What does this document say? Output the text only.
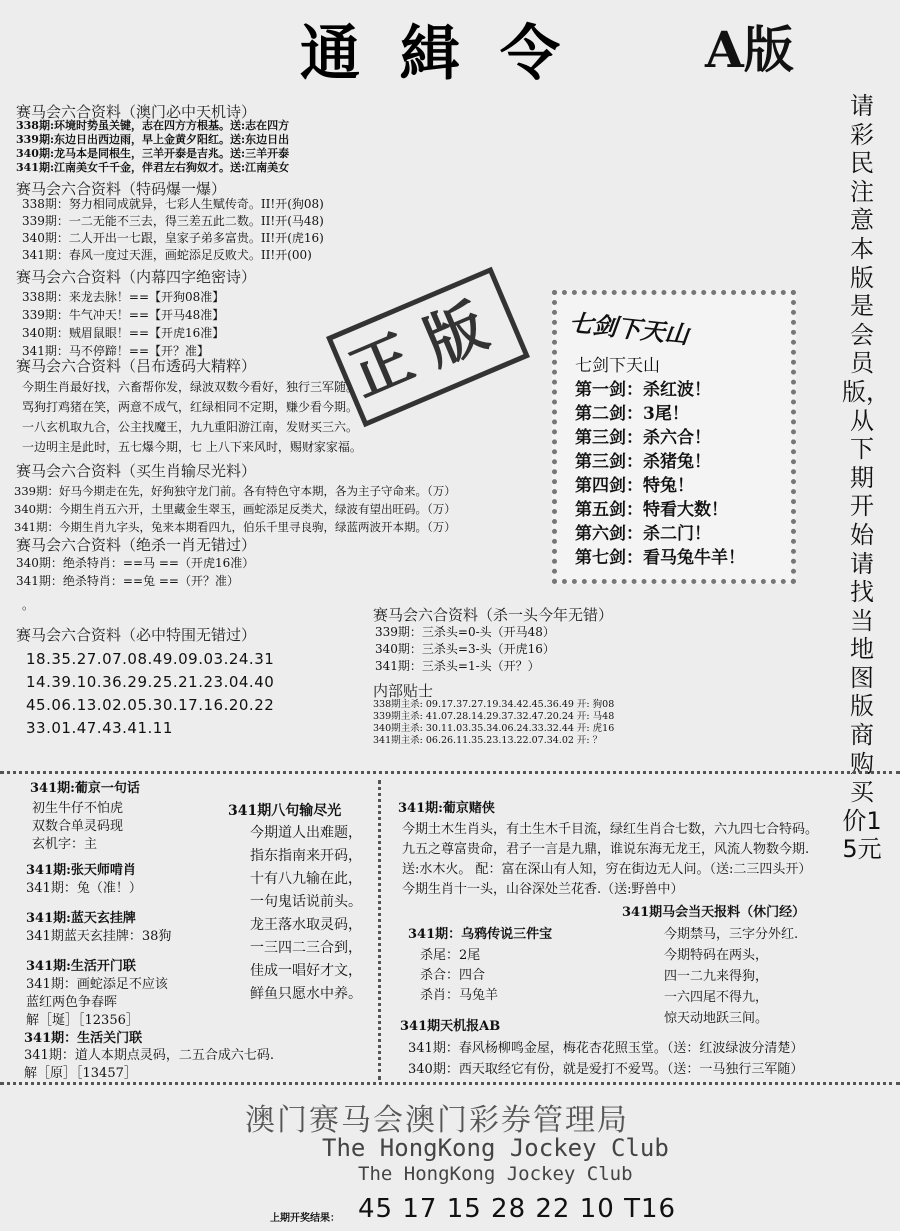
通緝令 A版
请彩民注意本版是会员版，从下期开始请找当地图版商购买价15元
赛马会六合资料（澳门必中天机诗）
338期:环境时势虽关键，志在四方方根基。送:志在四方
339期:东边日出西边雨，早上金黄夕阳红。送:东边日出
340期:龙马本是同根生，三羊开泰是吉兆。送:三羊开泰
341期:江南美女千千金，伴君左右狗奴才。送:江南美女
赛马会六合资料（特码爆一爆）
338期：努力相同成就异，七彩人生赋传奇。II!开(狗08)
339期：一二无能不三去，得三差五此二数。II!开(马48)
340期：二人开出一七跟，皇家子弟多富贵。II!开(虎16)
341期：春风一度过天涯，画蛇添足反败犬。II!开(00)
赛马会六合资料（内幕四字绝密诗）
338期：来龙去脉！==【开狗08准】
339期：牛气冲天！==【开马48准】
340期：贼眉鼠眼！==【开虎16准】
341期：马不停蹄！==【开？准】 正版
赛马会六合资料（吕布透码大精粹）
今期生肖最好找，六畜帮你发，绿波双数今看好，独行三军随。
骂狗打鸡猪在笑，两意不成气，红绿相同不定期，赚少看今期。
一八玄机取九合，公主找魔王，九九重阳游江南，发财买三六。
一边明主是此时，五七爆今期，七 上八下来风时，赐财家家福。
赛马会六合资料（买生肖输尽光料）
339期：好马今期走在先，好狗独守龙门前。各有特色守本期，各为主子守命来。（万）
340期：今期生肖五六开，土里藏金生翠玉，画蛇添足反类犬，绿波有望出旺码。（万）
341期：今期生肖九字头，兔来本期看四九，伯乐千里寻良驹，绿蓝两波开本期。（万）
赛马会六合资料（绝杀一肖无错过）
340期：绝杀特肖：==马 ==（开虎16准）
341期：绝杀特肖：==兔 ==（开？准）
。
赛马会六合资料（必中特围无错过）
18.35.27.07.08.49.09.03.24.31
14.39.10.36.29.25.21.23.04.40
45.06.13.02.05.30.17.16.20.22
33.01.47.43.41.11
七剑下天山
七剑下天山
第一剑：杀红波！
第二剑：3尾！
第三剑：杀六合！
第三剑：杀猪兔！
第四剑：特兔！
第五剑：特看大数！
第六剑：杀二门！
第七剑：看马兔牛羊！
赛马会六合资料（杀一头今年无错）
339期：三杀头=0-头（开马48）
340期：三杀头=3-头（开虎16）
341期：三杀头=1-头（开？）
内部贴士
338期主杀: 09.17.37.27.19.34.42.45.36.49 开: 狗08
339期主杀: 41.07.28.14.29.37.32.47.20.24 开: 马48
340期主杀: 30.11.03.35.34.06.24.33.32.44 开: 虎16
341期主杀: 06.26.11.35.23.13.22.07.34.02 开: ？
341期:葡京一句话
初生牛仔不怕虎
双数合单灵码现
玄机字：主
341期:张天师啃肖
341期：兔（准！）
341期:蓝天玄挂牌
341期蓝天玄挂牌：38狗
341期:生活开门联
341期：画蛇添足不应该
蓝红两色争春晖
解［埏］［12356］
341期：生活关门联
341期：道人本期点灵码，二五合成六七码.
解［原］［13457］
341期八句输尽光
今期道人出难题，
指东指南来开码，
十有八九输在此，
一句鬼话说前头。
龙王落水取灵码，
一三四二三合到，
佳成一唱好才文，
鲜鱼只愿水中养。
341期:葡京赌侠
今期土木生肖头，有土生木千目流，绿红生肖合七数，六九四七合特码。
九五之尊富贵命，君子一言是九鼎，谁说东海无龙王，风流人物数今期.
送:水木火。 配：富在深山有人知，穷在街边无人问。（送:二三四头开）
今期生肖十一头，山谷深处兰花香.（送:野兽中）
341期：乌鸦传说三件宝
杀尾：2尾
杀合：四合
杀肖：马兔羊
341期马会当天报料（休门经）
今期禁马，三字分外红.
今期特码在两头，
四一二九来得狗，
一六四尾不得九，
惊天动地跃三间。
341期天机报AB
341期：春风杨柳鸣金屋，梅花杏花照玉堂。（送：红波绿波分清楚）
340期：西天取经它有份，就是爱打不爱骂。（送：一马独行三军随）
澳门赛马会澳门彩券管理局
The HongKong Jockey Club
The HongKong Jockey Club
上期开奖结果： 45 17 15 28 22 10 T16
